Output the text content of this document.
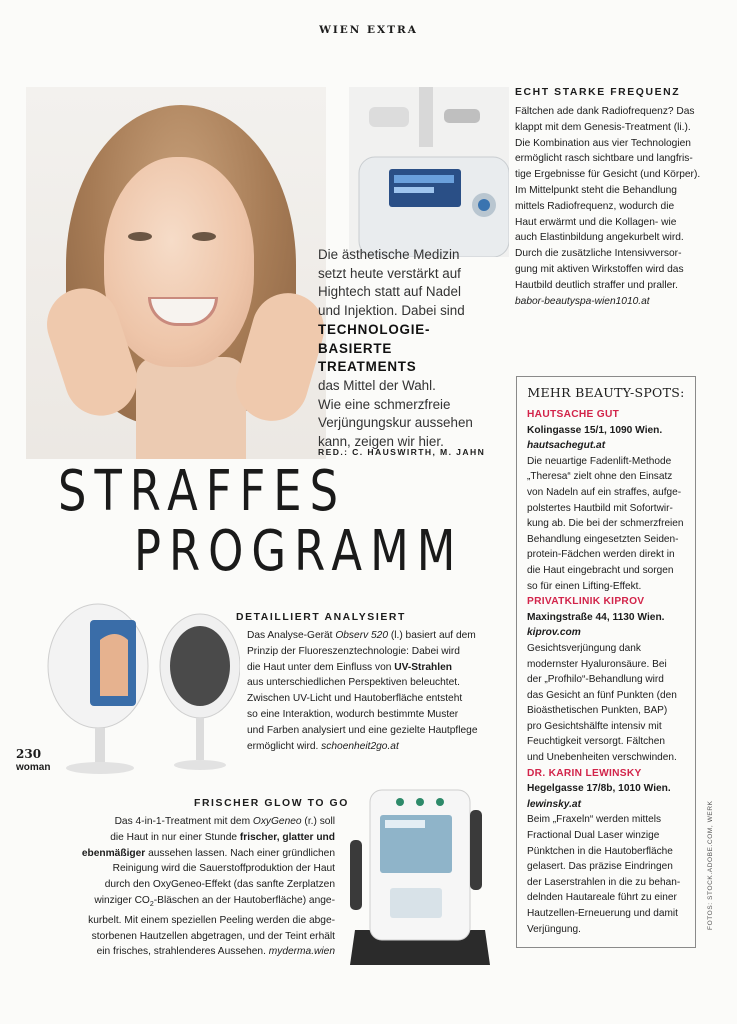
WIEN EXTRA
ECHT STARKE FREQUENZ
Fältchen ade dank Radiofrequenz? Das
klappt mit dem Genesis-Treatment (li.).
Die Kombination aus vier Technologien
ermöglicht rasch sichtbare und langfris-
tige Ergebnisse für Gesicht (und Körper).
Im Mittelpunkt steht die Behandlung
mittels Radiofrequenz, wodurch die
Haut erwärmt und die Kollagen- wie
auch Elastinbildung angekurbelt wird.
Durch die zusätzliche Intensivversor-
gung mit aktiven Wirkstoffen wird das
Hautbild deutlich straffer und praller.
babor-beautyspa-wien1010.at
Die ästhetische Medizin
setzt heute verstärkt auf
Hightech statt auf Nadel
und Injektion. Dabei sind
TECHNOLOGIE-
BASIERTE TREATMENTS
das Mittel der Wahl.
Wie eine schmerzfreie
Verjüngungskur aussehen
kann, zeigen wir hier.
RED.: C. HAUSWIRTH, M. JAHN
STRAFFES
PROGRAMM
DETAILLIERT ANALYSIERT
Das Analyse-Gerät Observ 520 (l.) basiert auf dem
Prinzip der Fluoreszenztechnologie: Dabei wird
die Haut unter dem Einfluss von UV-Strahlen
aus unterschiedlichen Perspektiven beleuchtet.
Zwischen UV-Licht und Hautoberfläche entsteht
so eine Interaktion, wodurch bestimmte Muster
und Farben analysiert und eine gezielte Hautpflege
ermöglicht wird. schoenheit2go.at
230
woman
FRISCHER GLOW TO GO
Das 4-in-1-Treatment mit dem OxyGeneo (r.) soll
die Haut in nur einer Stunde frischer, glatter und
ebenmäßiger aussehen lassen. Nach einer gründlichen
Reinigung wird die Sauerstoffproduktion der Haut
durch den OxyGeneo-Effekt (das sanfte Zerplatzen
winziger $CO_2$-Bläschen an der Hautoberfläche) ange-
kurbelt. Mit einem speziellen Peeling werden die abge-
storbenen Hautzellen abgetragen, und der Teint erhält
ein frisches, strahlenderes Aussehen. myderma.wien
MEHR BEAUTY-SPOTS:
HAUTSACHE GUT
Kolingasse 15/1, 1090 Wien.
hautsachegut.at
Die neuartige Fadenlift-Methode
„Theresa“ zielt ohne den Einsatz
von Nadeln auf ein straffes, aufge-
polstertes Hautbild mit Sofortwir-
kung ab. Die bei der schmerzfreien
Behandlung eingesetzten Seiden-
protein-Fädchen werden direkt in
die Haut eingebracht und sorgen
so für einen Lifting-Effekt.
PRIVATKLINIK KIPROV
Maxingstraße 44, 1130 Wien.
kiprov.com
Gesichtsverjüngung dank
modernster Hyaluronsäure. Bei
der „Profhilo“-Behandlung wird
das Gesicht an fünf Punkten (den
Bioästhetischen Punkten, BAP)
pro Gesichtshälfte intensiv mit
Feuchtigkeit versorgt. Fältchen
und Unebenheiten verschwinden.
DR. KARIN LEWINSKY
Hegelgasse 17/8b, 1010 Wien.
lewinsky.at
Beim „Fraxeln“ werden mittels
Fractional Dual Laser winzige
Pünktchen in die Hautoberfläche
gelasert. Das präzise Eindringen
der Laserstrahlen in die zu behan-
delnden Hautareale führt zu einer
Hautzellen-Erneuerung und damit
Verjüngung.	FOTOS: STOCK.ADOBE.COM, WERK
